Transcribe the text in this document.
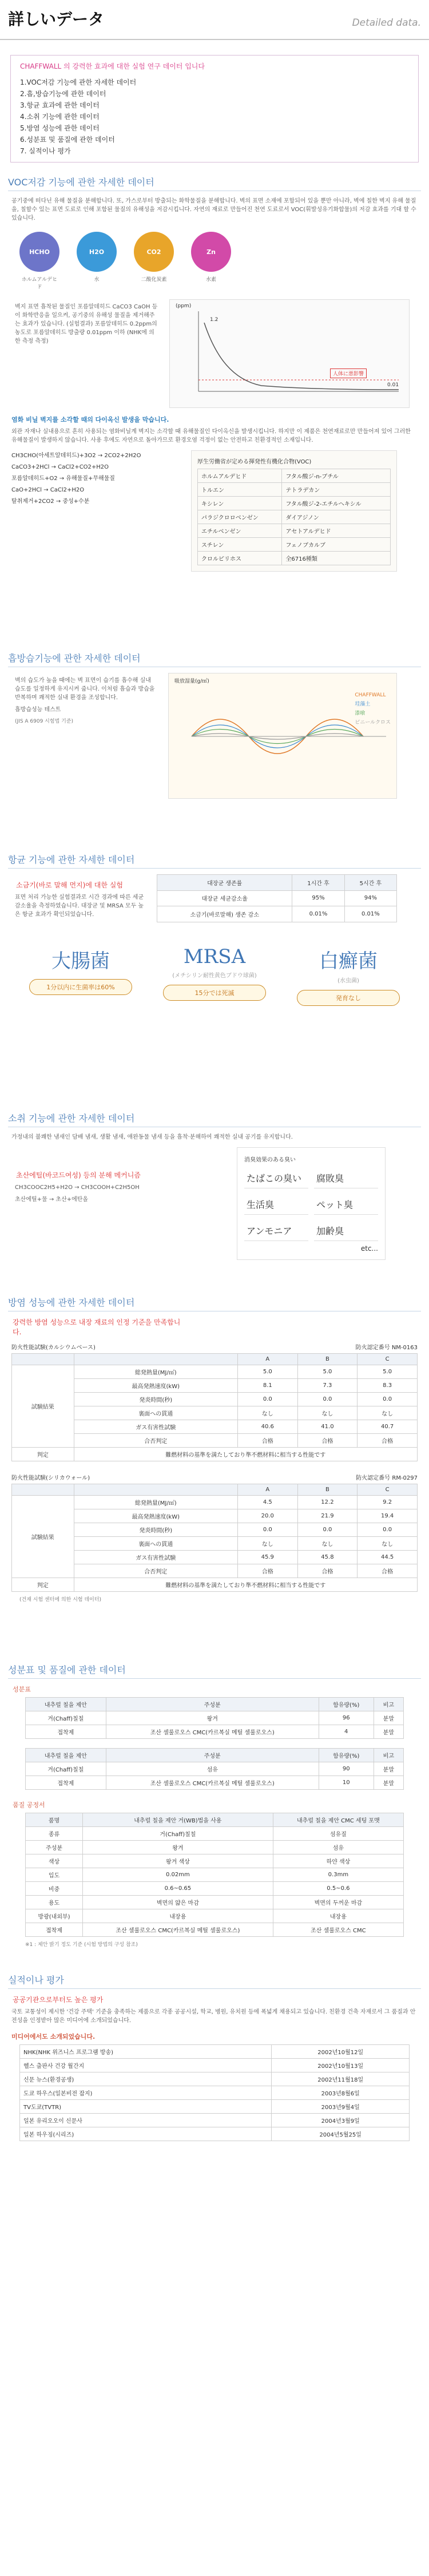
詳しいデータ	Detailed data.
CHAFFWALL 의 강력한 효과에 대한 실험 연구 데이터 입니다
1.VOC저감 기능에 관한 자세한 데이터
2.흡,방습기능에 관한 데이터
3.항균 효과에 관한 데이터
4.소취 기능에 관한 데이터
5.방염 성능에 관한 데이터
6.성분표 및 품질에 관한 데이터
7. 실적이나 평가
VOC저감 기능에 관한 자세한 데이터

공기중에 떠다닌 유해 물질을 분해합니다. 또, 가스로부터 방출되는 화학물질을 분해합니다. 벽의 표면 소재에 포함되어 있을 뿐만 아니라, 벽에 칠한 벽지 유해 물질을, 칠할수 있는 표면 도료로 인해 포함된 물질의 유해성을 저감시킵니다. 자연의 재료로 만들어진 천연 도료로서 VOC(휘발성유기화합물)의 저감 효과를 기대 할 수 있습니다.

HCHO
ホルムアルデヒド
H2O
水
CO2
二酸化炭素
Zn
水素

벽지 표면 흡착된 물질인 포름알데히드 CaCO3 CaOH 등이 화학반응을 일으켜, 공기중의 유해성 물질을 제거해주는 효과가 있습니다. (실험결과) 포름알데히드 0.2ppm의 농도로 포름알데히드 방출량 0.01ppm 이하 (NHK에 의한 측정 측정)

(ppm)
1.2
人体に悪影響
0.01
염화 비닐 벽지를 소각할 때의 다이옥신 발생을 막습니다.

외관 자재나 실내용으로 흔히 사용되는 염화비닐계 벽지는 소각할 때 유해물질인 다이옥신을 발생시킵니다. 하지만 이 제품은 천연재료로만 만들어져 있어 그러한 유해물질이 발생하지 않습니다. 사용 후에도 자연으로 돌아가므로 환경오염 걱정이 없는 안전하고 친환경적인 소재입니다.

CH3CHO(아세트알데히드)+3O2 → 2CO2+2H2O
CaCO3+2HCl → CaCl2+CO2+H2O
포름알데히드+O2 → 유해물질+무해물질
CaO+2HCl → CaCl2+H2O
탈취제거+2CO2 → 중성+수분
厚生労働省が定める揮発性有機化合物(VOC)
ホルムアルデヒド	フタル酸ジ-n-ブチル
トルエン	テトラデカン
キシレン	フタル酸ジ-2-エチルヘキシル
パラジクロロベンゼン	ダイアジノン
エチルベンゼン	アセトアルデヒド
スチレン	フェノブカルブ
クロルピリホス	全6716種類
흡방습기능에 관한 자세한 데이터

벽의 습도가 높을 때에는 벽 표면이 습기를 흡수해 실내 습도를 일정하게 유지시켜 줍니다. 이처럼 흡습과 방습을 반복하며 쾌적한 실내 환경을 조성합니다.

흡방습성능 테스트

(JIS A 6909 시험법 기준)

吸放湿量(g/㎡)
CHAFFWALL
珪藻土
漆喰
ビニールクロス
항균 기능에 관한 자세한 데이터
소금기(바로 말해 먼지)에 대한 실험

표면 처리 가능한 실험결과로 시간 경과에 따른 세균 감소율을 측정하였습니다. 대장균 및 MRSA 모두 높은 항균 효과가 확인되었습니다.

대장균 생존률	1시간 후	5시간 후
대장균 세균감소율	95%	94%
소금기(바로말해) 생존 감소	0.01%	0.01%
大腸菌
1分以内に生菌率は60%
MRSA
(メチシリン耐性黄色ブドウ球菌)
15分では死滅
白癬菌
(水虫菌)
発育なし
소취 기능에 관한 자세한 데이터

가정내의 불쾌한 냄새인 담배 냄새, 생활 냄새, 애완동물 냄새 등을 흡착·분해하여 쾌적한 실내 공기를 유지합니다.

초산에틸(바코드여성) 등의 분해 메커니즘

CH3COOC2H5+H2O → CH3COOH+C2H5OH

초산에틸+물 → 초산+에탄올

消臭効果のある臭い
たばこの臭い	腐敗臭
生活臭	ペット臭
アンモニア	加齢臭
etc...
방염 성능에 관한 자세한 데이터
강력한 방염 성능으로 내장 재료의 인정 기준을 만족합니다.
防火性能試験(カルシウムベース)	防火認定番号 NM-0163
		A	B	C
試験結果	総発熱量(MJ/㎡)	5.0	5.0	5.0
	最高発熱速度(kW)	8.1	7.3	8.3
	発炎時間(秒)	0.0	0.0	0.0
	裏面への貫通	なし	なし	なし
	ガス有害性試験	40.6	41.0	40.7
	合否判定	合格	合格	合格
判定	難燃材料の基準を満たしており準不燃材料に相当する性能です			
防火性能試験(シリカウォール)	防火認定番号 RM-0297
		A	B	C
試験結果	総発熱量(MJ/㎡)	4.5	12.2	9.2
	最高発熱速度(kW)	20.0	21.9	19.4
	発炎時間(秒)	0.0	0.0	0.0
	裏面への貫通	なし	なし	なし
	ガス有害性試験	45.9	45.8	44.5
	合否判定	合格	合格	合格
判定	難燃材料の基準を満たしており準不燃材料に相当する性能です			
(건재 시험 센터에 의한 시험 데이터)
성분표 및 품질에 관한 데이터
성분표
내추럴 칠을 제안	주성분	함유량(%)	비고
겨(Chaff)칠칠	왕겨	96	분말
접착제	조산 셀룰로오스 CMC(카르복실 메틸 셀룰로오스)	4	분말
내추럴 칠을 제안	주성분	함유량(%)	비고
겨(Chaff)칠칠	섬유	90	분말
접착제	조산 셀룰로오스 CMC(카르복실 메틸 셀룰로오스)	10	분말
품질 공정서
품명	내추럴 칠을 제안 거(WB)법을 사용	내추럴 칠을 제안 CMC 세팅 포맷
종류	거(Chaff)칠칠	섬유질
주성분	왕겨	섬유
색상	왕겨 색상	하얀 색상
입도	0.02mm	0.3mm
비중	0.6~0.65	0.5~0.6
용도	벽면의 얇은 마감	벽면의 두꺼운 마감
방광(내외부)	내장용	내장용
접착제	조산 셀룰로오스 CMC(카르복실 메틸 셀룰로오스)	조산 셀룰로오스 CMC
※1 : 제안 밝기 정도 기준 (시험 방법의 구성 참조)
실적이나 평가
공공기관으로부터도 높은 평가

국토 교통성이 제시한 '건강 주택' 기준을 충족하는 제품으로 각종 공공시설, 학교, 병원, 유치원 등에 폭넓게 채용되고 있습니다. 친환경 건축 자재로서 그 품질과 안전성을 인정받아 많은 미디어에 소개되었습니다.

미디어에서도 소개되었습니다.
NHK(NHK 위즈니스 프로그램 방송)	2002년10월12일
헬스 출판사 건강 월간지	2002년10월13일
신문 뉴스(환경공생)	2002년11월18일
도쿄 하우스(일본비전 잡지)	2003년8월6일
TV도쿄(TVTR)	2003년9월4일
일본 유리오오이 신문사	2004년3월9일
일본 하우징(시리즈)	2004년5월25일
